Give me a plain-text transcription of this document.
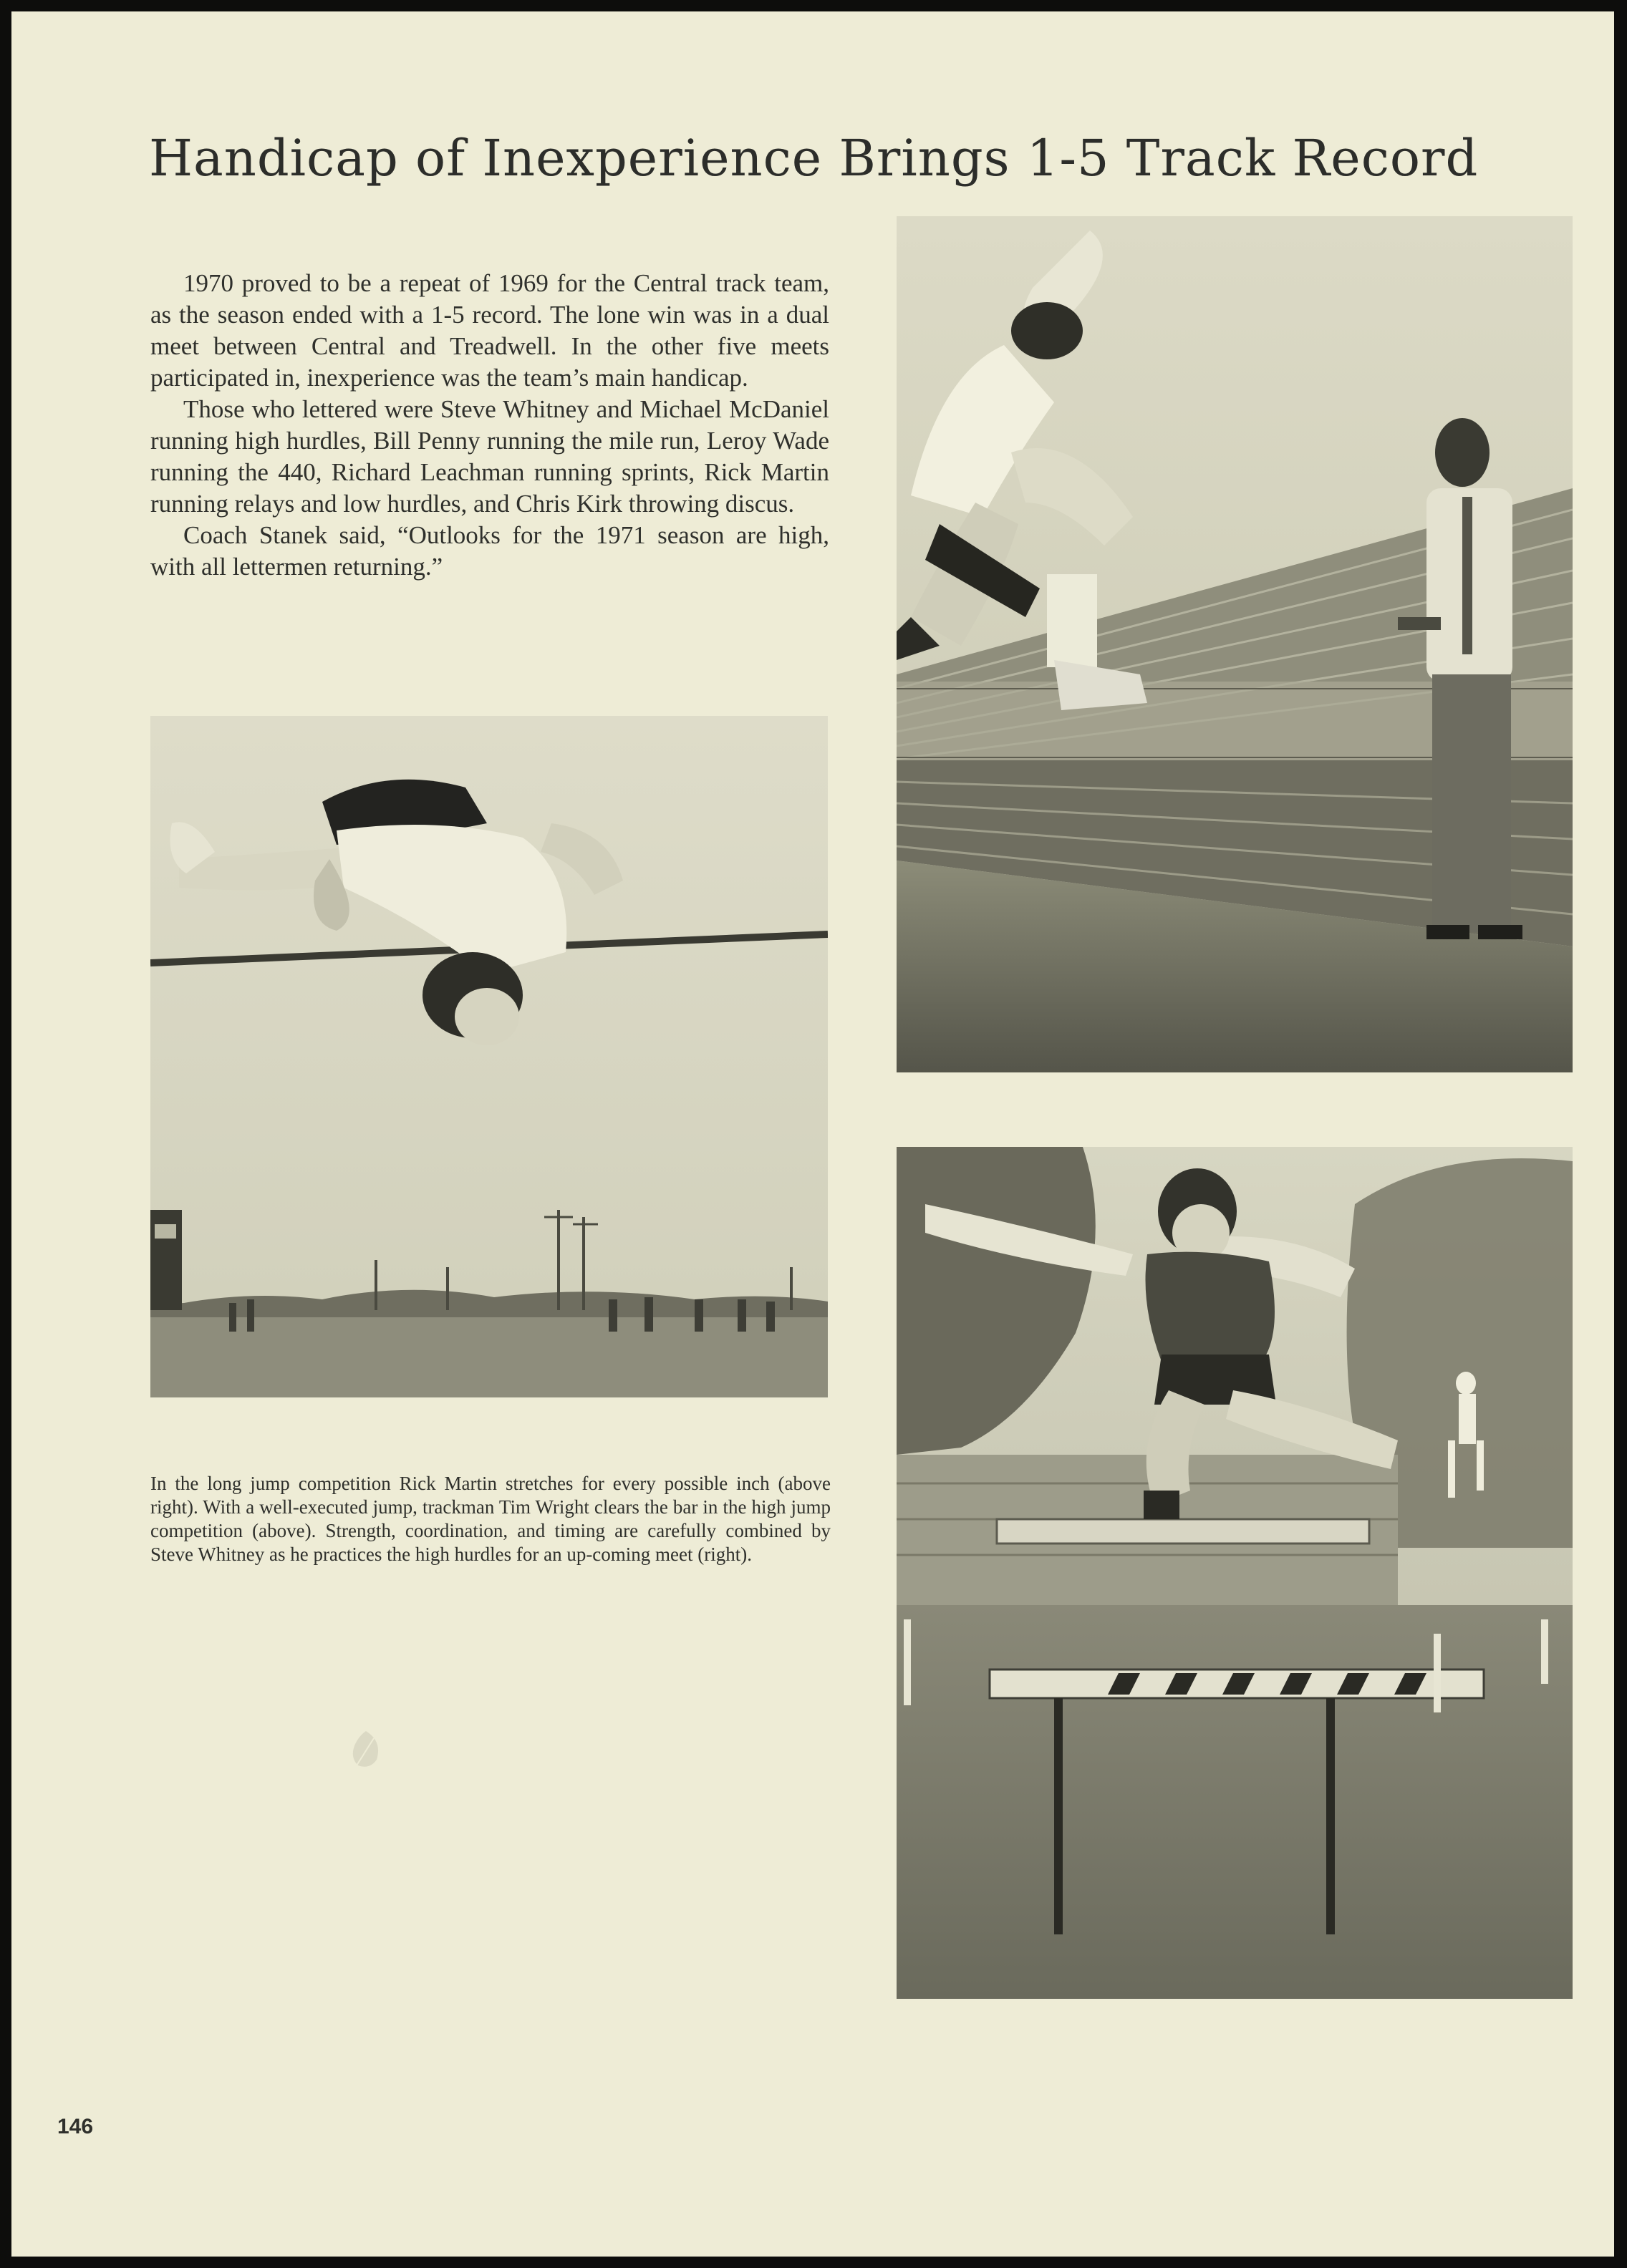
Handicap of Inexperience Brings 1-5 Track Record

1970 proved to be a repeat of 1969 for the Central track team, as the season ended with a 1-5 record. The lone win was in a dual meet between Central and Treadwell. In the other five meets participated in, inexperience was the team’s main handicap.

Those who lettered were Steve Whitney and Michael McDaniel running high hurdles, Bill Penny running the mile run, Leroy Wade running the 440, Richard Leachman running sprints, Rick Martin running relays and low hurdles, and Chris Kirk throwing discus.

Coach Stanek said, “Outlooks for the 1971 season are high, with all lettermen returning.”

In the long jump competition Rick Martin stretches for every possible inch (above right). With a well-executed jump, trackman Tim Wright clears the bar in the high jump competition (above). Strength, coordination, and timing are carefully combined by Steve Whitney as he practices the high hurdles for an up-coming meet (right).
146
